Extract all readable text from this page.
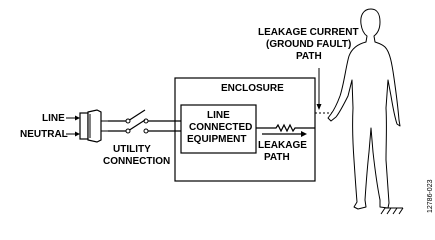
LINE
NEUTRAL
UTILITY
CONNECTION
ENCLOSURE
LINE
CONNECTED
EQUIPMENT
LEAKAGE
PATH
LEAKAGE CURRENT
(GROUND FAULT)
PATH
12786-023
